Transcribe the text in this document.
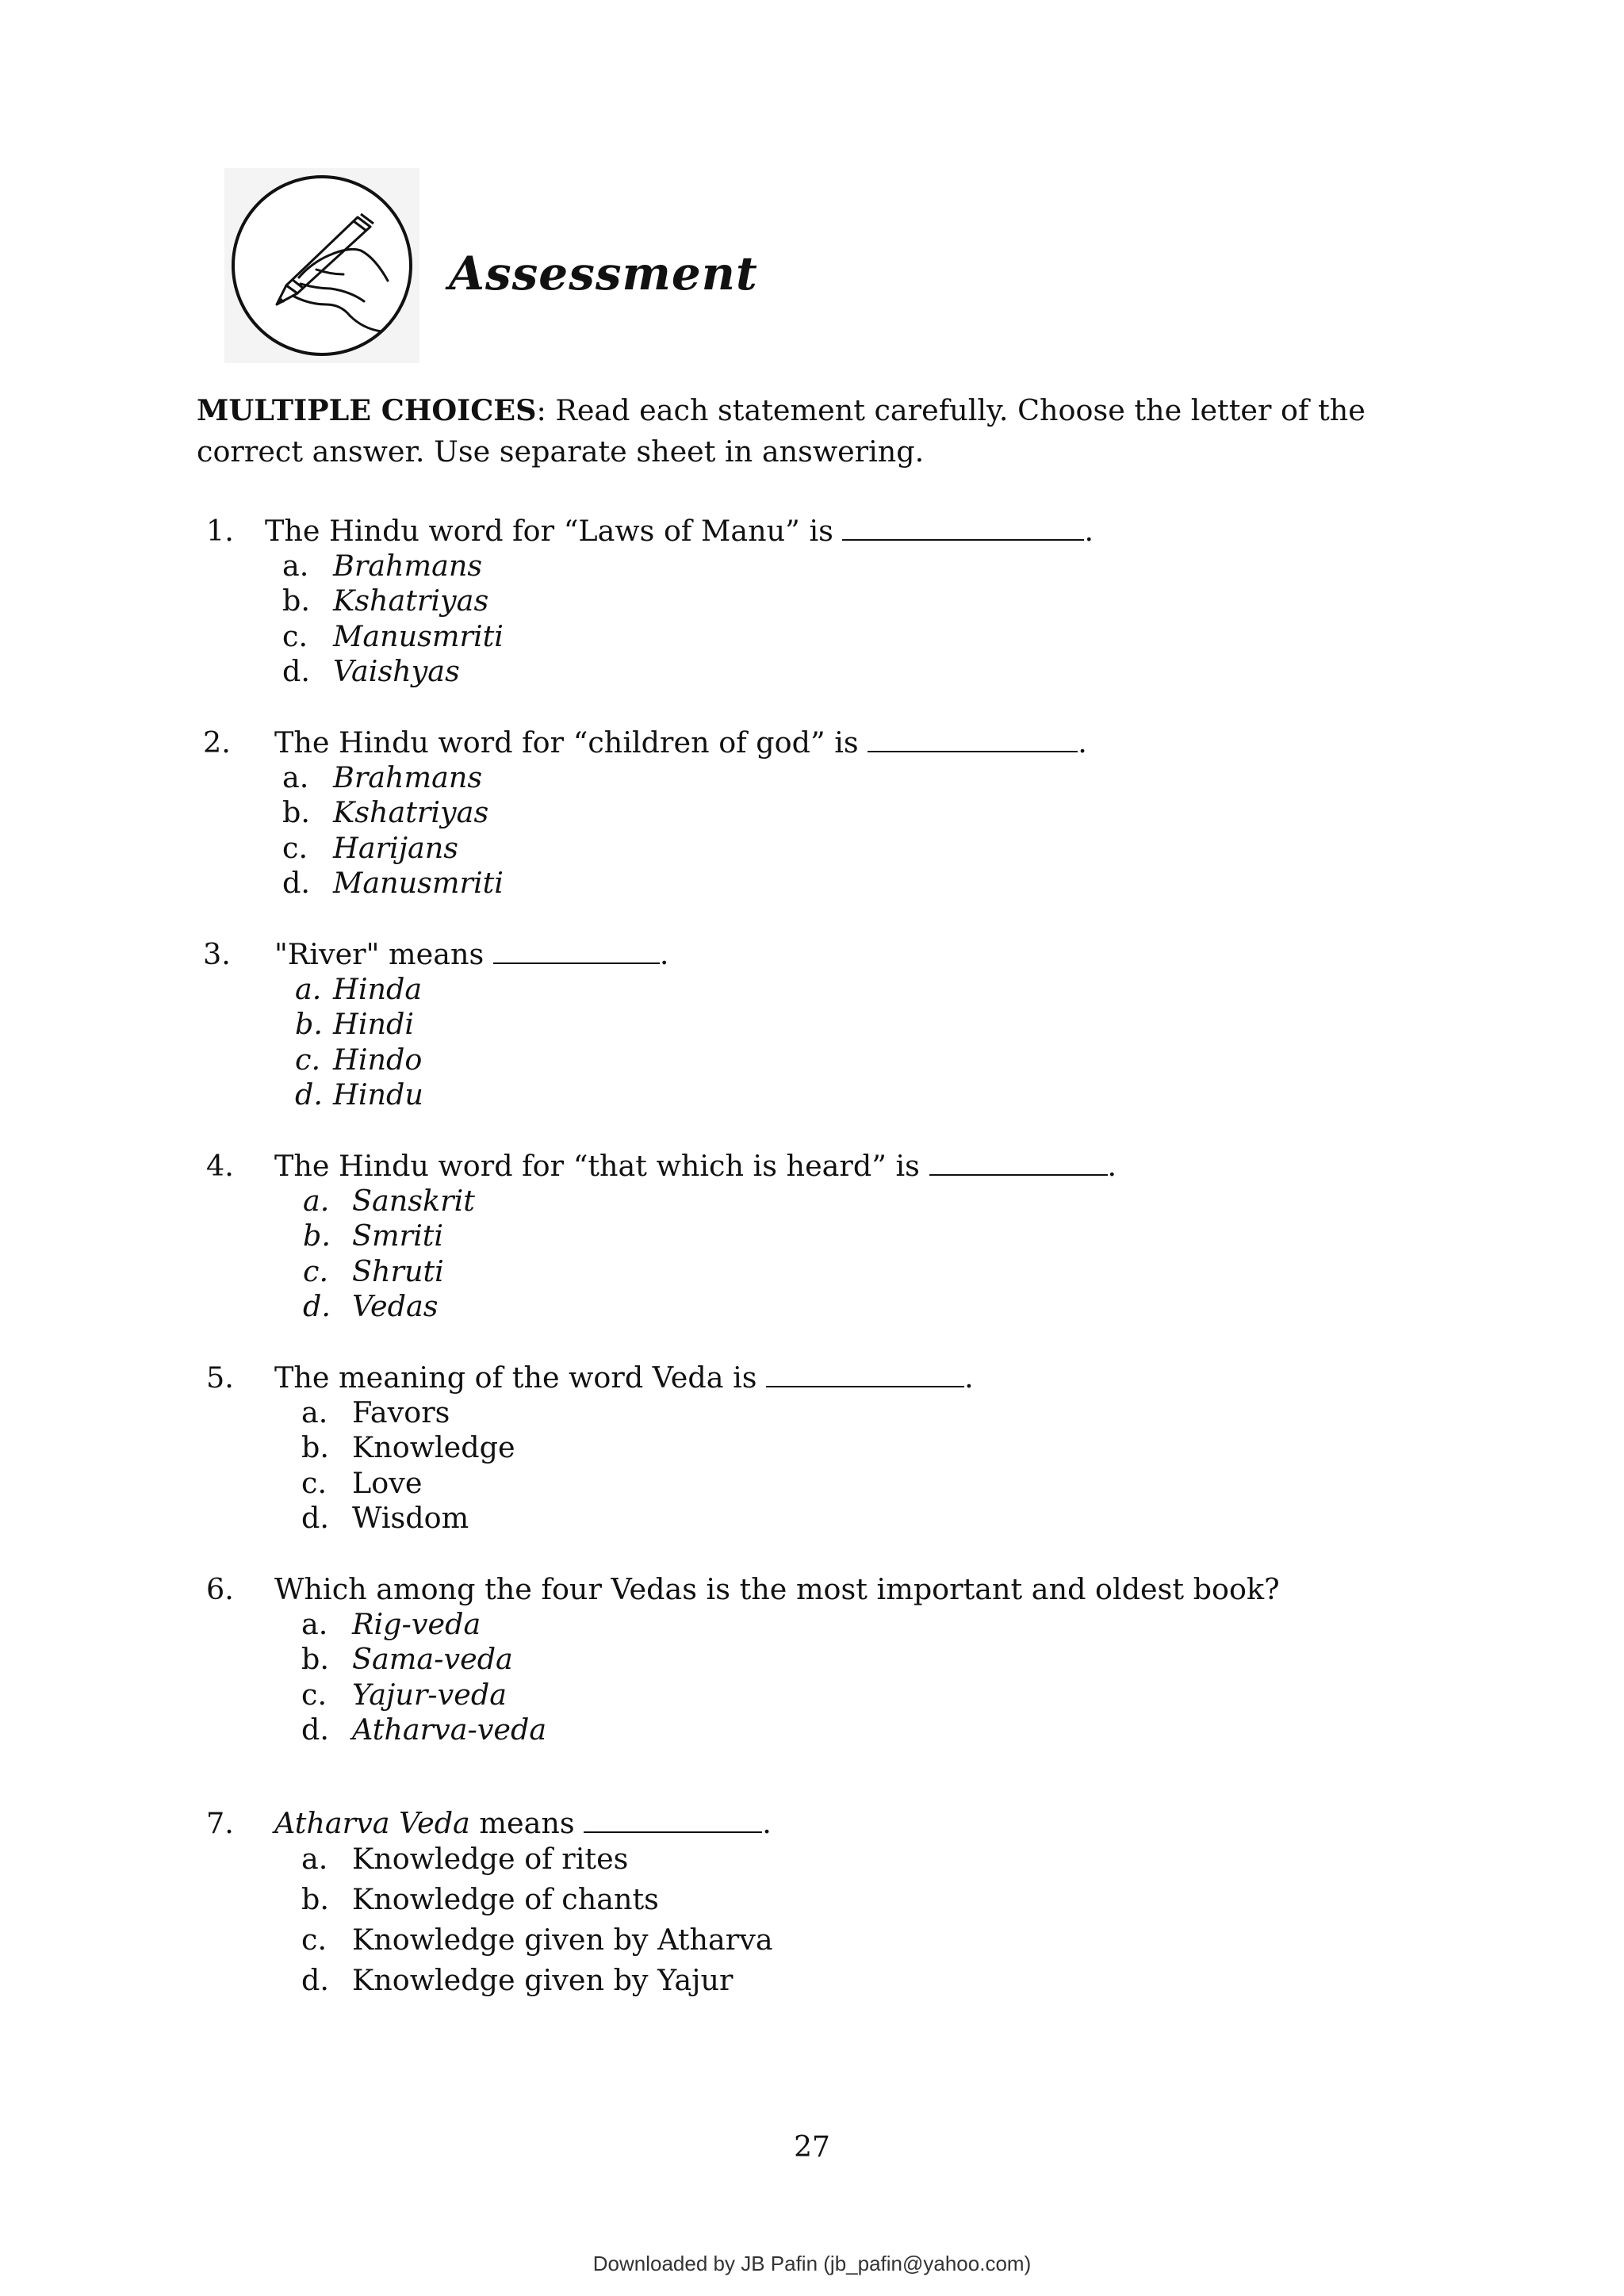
Assessment

MULTIPLE CHOICES: Read each statement carefully. Choose the letter of the correct answer. Use separate sheet in answering.

1. The Hindu word for “Laws of Manu” is	.
a. Brahmans
b. Kshatriyas
c. Manusmriti
d. Vaishyas
2. The Hindu word for “children of god” is	.
a. Brahmans
b. Kshatriyas
c. Harijans
d. Manusmriti
3. "River" means	.
a. Hinda
b. Hindi
c. Hindo
d. Hindu
4. The Hindu word for “that which is heard” is	.
a. Sanskrit
b. Smriti
c. Shruti
d. Vedas
5. The meaning of the word Veda is	.
a. Favors
b. Knowledge
c. Love
d. Wisdom
6. Which among the four Vedas is the most important and oldest book?
a. Rig-veda
b. Sama-veda
c. Yajur-veda
d. Atharva-veda
7. Atharva Veda means	.
a. Knowledge of rites
b. Knowledge of chants
c. Knowledge given by Atharva
d. Knowledge given by Yajur
27
Downloaded by JB Pafin (jb_pafin@yahoo.com)
